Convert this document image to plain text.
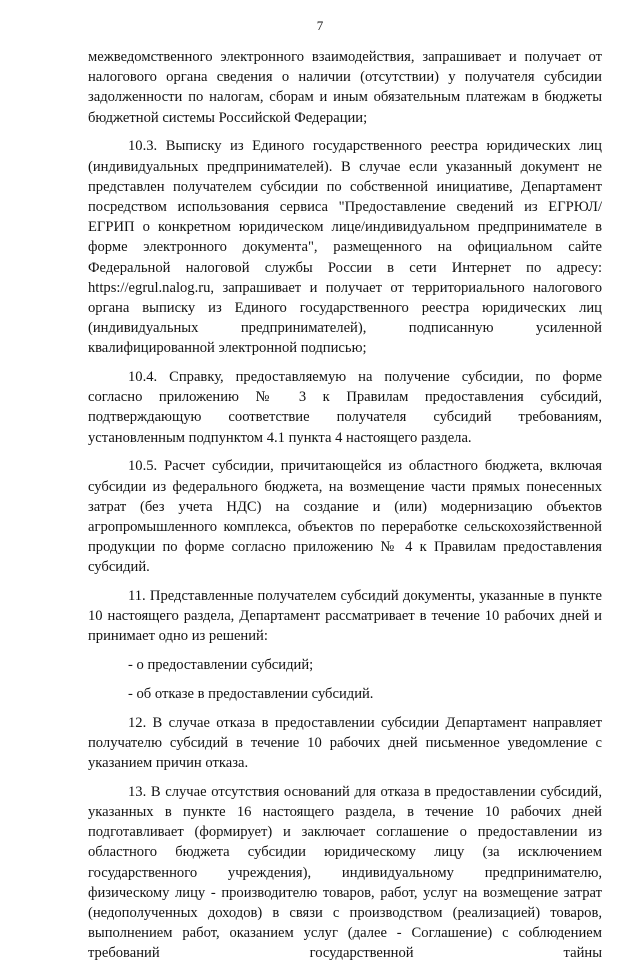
7

межведомственного электронного взаимодействия, запрашивает и получает от налогового органа сведения о наличии (отсутствии) у получателя субсидии задолженности по налогам, сборам и иным обязательным платежам в бюджеты бюджетной системы Российской Федерации;

10.3. Выписку из Единого государственного реестра юридических лиц (индивидуальных предпринимателей). В случае если указанный документ не представлен получателем субсидии по собственной инициативе, Департамент посредством использования сервиса "Предоставление сведений из ЕГРЮЛ/ЕГРИП о конкретном юридическом лице/индивидуальном предпринимателе в форме электронного документа", размещенного на официальном сайте Федеральной налоговой службы России в сети Интернет по адресу: https://egrul.nalog.ru, запрашивает и получает от территориального налогового органа выписку из Единого государственного реестра юридических лиц (индивидуальных предпринимателей), подписанную усиленной квалифицированной электронной подписью;

10.4. Справку, предоставляемую на получение субсидии, по форме согласно приложению № 3 к Правилам предоставления субсидий, подтверждающую соответствие получателя субсидий требованиям, установленным подпунктом 4.1 пункта 4 настоящего раздела.

10.5. Расчет субсидии, причитающейся из областного бюджета, включая субсидии из федерального бюджета, на возмещение части прямых понесенных затрат (без учета НДС) на создание и (или) модернизацию объектов агропромышленного комплекса, объектов по переработке сельскохозяйственной продукции по форме согласно приложению № 4 к Правилам предоставления субсидий.

11. Представленные получателем субсидий документы, указанные в пункте 10 настоящего раздела, Департамент рассматривает в течение 10 рабочих дней и принимает одно из решений:

- о предоставлении субсидий;

- об отказе в предоставлении субсидий.

12. В случае отказа в предоставлении субсидии Департамент направляет получателю субсидий в течение 10 рабочих дней письменное уведомление с указанием причин отказа.

13. В случае отсутствия оснований для отказа в предоставлении субсидий, указанных в пункте 16 настоящего раздела, в течение 10 рабочих дней подготавливает (формирует) и заключает соглашение о предоставлении из областного бюджета субсидии юридическому лицу (за исключением государственного учреждения), индивидуальному предпринимателю, физическому лицу - производителю товаров, работ, услуг на возмещение затрат (недополученных доходов) в связи с производством (реализацией) товаров, выполнением работ, оказанием услуг (далее - Соглашение) с соблюдением требований государственной тайны
